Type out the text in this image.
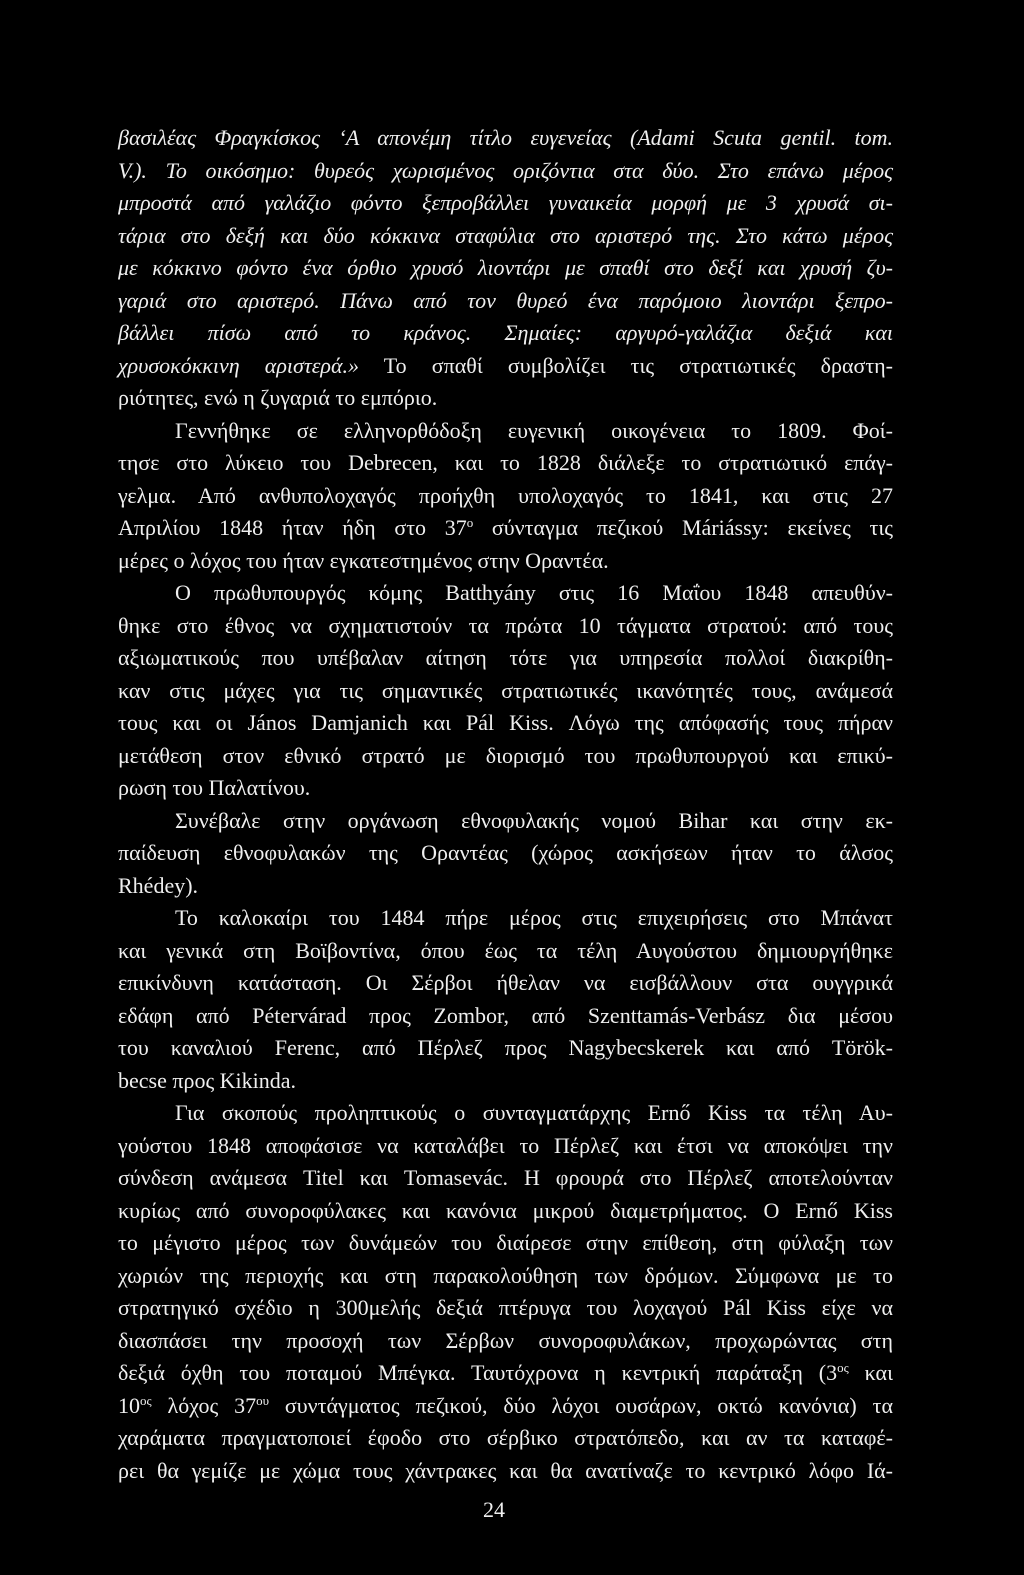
βασιλέας Φραγκίσκος ‘Α απονέμη τίτλο ευγενείας (Adami Scuta gentil. tom.
V.). Το οικόσημο: θυρεός χωρισμένος οριζόντια στα δύο. Στο επάνω μέρος
μπροστά από γαλάζιο φόντο ξεπροβάλλει γυναικεία μορφή με 3 χρυσά σι-
τάρια στο δεξή και δύο κόκκινα σταφύλια στο αριστερό της. Στο κάτω μέρος
με κόκκινο φόντο ένα όρθιο χρυσό λιοντάρι με σπαθί στο δεξί και χρυσή ζυ-
γαριά στο αριστερό. Πάνω από τον θυρεό ένα παρόμοιο λιοντάρι ξεπρο-
βάλλει πίσω από το κράνος. Σημαίες: αργυρό-γαλάζια δεξιά και
χρυσοκόκκινη αριστερά.» Το σπαθί συμβολίζει τις στρατιωτικές δραστη-
ριότητες, ενώ η ζυγαριά το εμπόριο.
Γεννήθηκε σε ελληνορθόδοξη ευγενική οικογένεια το 1809. Φοί-
τησε στο λύκειο του Debrecen, και το 1828 διάλεξε το στρατιωτικό επάγ-
γελμα. Από ανθυπολοχαγός προήχθη υπολοχαγός το 1841, και στις 27
Απριλίου 1848 ήταν ήδη στο $37^o$ σύνταγμα πεζικού Máriássy: εκείνες τις
μέρες ο λόχος του ήταν εγκατεστημένος στην Οραντέα.
Ο πρωθυπουργός κόμης Batthyány στις 16 Μαΐου 1848 απευθύν-
θηκε στο έθνος να σχηματιστούν τα πρώτα 10 τάγματα στρατού: από τους
αξιωματικούς που υπέβαλαν αίτηση τότε για υπηρεσία πολλοί διακρίθη-
καν στις μάχες για τις σημαντικές στρατιωτικές ικανότητές τους, ανάμεσά
τους και οι János Damjanich και Pál Kiss. Λόγω της απόφασής τους πήραν
μετάθεση στον εθνικό στρατό με διορισμό του πρωθυπουργού και επικύ-
ρωση του Παλατίνου.
Συνέβαλε στην οργάνωση εθνοφυλακής νομού Bihar και στην εκ-
παίδευση εθνοφυλακών της Οραντέας (χώρος ασκήσεων ήταν το άλσος
Rhédey).
Το καλοκαίρι του 1484 πήρε μέρος στις επιχειρήσεις στο Μπάνατ
και γενικά στη Βοϊβοντίνα, όπου έως τα τέλη Αυγούστου δημιουργήθηκε
επικίνδυνη κατάσταση. Οι Σέρβοι ήθελαν να εισβάλλουν στα ουγγρικά
εδάφη από Pétervárad προς Zombor, από Szenttamás-Verbász δια μέσου
του καναλιού Ferenc, από Πέρλεζ προς Nagybecskerek και από Török-
becse προς Kikinda.
Για σκοπούς προληπτικούς ο συνταγματάρχης Ernő Kiss τα τέλη Αυ-
γούστου 1848 αποφάσισε να καταλάβει το Πέρλεζ και έτσι να αποκόψει την
σύνδεση ανάμεσα Titel και Tomasevác. Η φρουρά στο Πέρλεζ αποτελούνταν
κυρίως από συνοροφύλακες και κανόνια μικρού διαμετρήματος. Ο Ernő Kiss
το μέγιστο μέρος των δυνάμεών του διαίρεσε στην επίθεση, στη φύλαξη των
χωριών της περιοχής και στη παρακολούθηση των δρόμων. Σύμφωνα με το
στρατηγικό σχέδιο η 300μελής δεξιά πτέρυγα του λοχαγού Pál Kiss είχε να
διασπάσει την προσοχή των Σέρβων συνοροφυλάκων, προχωρώντας στη
δεξιά όχθη του ποταμού Μπέγκα. Ταυτόχρονα η κεντρική παράταξη ($3^{o\varsigma}$ και
$10^{o\varsigma}$ λόχος $37^{o\upsilon}$ συντάγματος πεζικού, δύο λόχοι ουσάρων, οκτώ κανόνια) τα
χαράματα πραγματοποιεί έφοδο στο σέρβικο στρατόπεδο, και αν τα καταφέ-
ρει θα γεμίζε με χώμα τους χάντρακες και θα ανατίναζε το κεντρικό λόφο Ιά-
24
